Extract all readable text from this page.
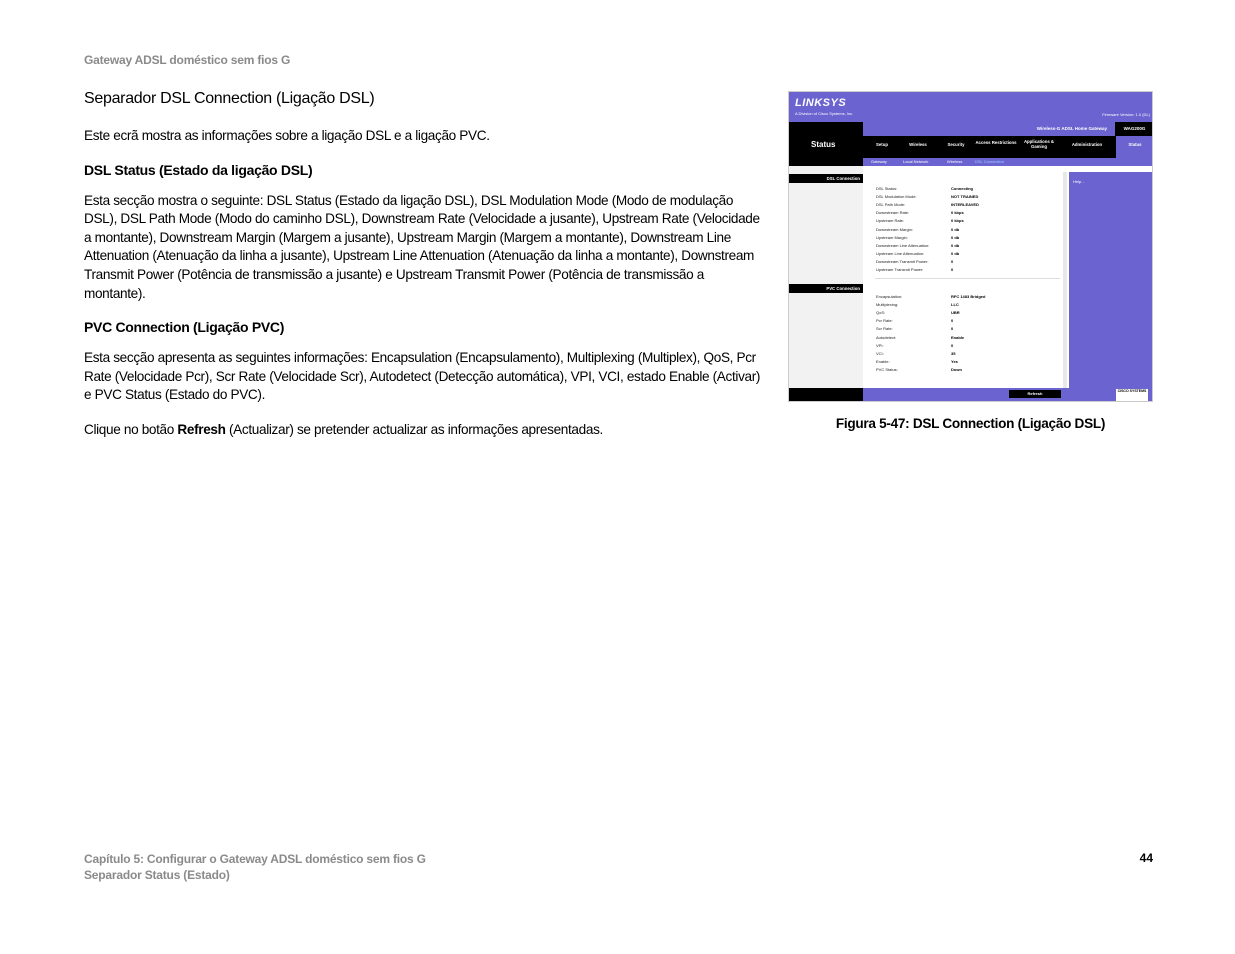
Gateway ADSL doméstico sem fios G
Separador DSL Connection (Ligação DSL)
Este ecrã mostra as informações sobre a ligação DSL e a ligação PVC.
DSL Status (Estado da ligação DSL)
Esta secção mostra o seguinte: DSL Status (Estado da ligação DSL), DSL Modulation Mode (Modo de modulação DSL), DSL Path Mode (Modo do caminho DSL), Downstream Rate (Velocidade a jusante), Upstream Rate (Velocidade a montante), Downstream Margin (Margem a jusante), Upstream Margin (Margem a montante), Downstream Line Attenuation (Atenuação da linha a jusante), Upstream Line Attenuation (Atenuação da linha a montante), Downstream Transmit Power (Potência de transmissão a jusante) e Upstream Transmit Power (Potência de transmissão a montante).
PVC Connection (Ligação PVC)
Esta secção apresenta as seguintes informações: Encapsulation (Encapsulamento), Multiplexing (Multiplex), QoS, Pcr Rate (Velocidade Pcr), Scr Rate (Velocidade Scr), Autodetect (Detecção automática), VPI, VCI, estado Enable (Activar) e PVC Status (Estado do PVC).
Clique no botão Refresh (Actualizar) se pretender actualizar as informações apresentadas.
LINKSYS
A Division of Cisco Systems, Inc.	Firmware Version: 1.0 (DL)
Status
Wireless-G ADSL Home Gateway	WAG200G
Setup	Wireless	Security	Access Restrictions	Applications & Gaming	Administration	Status
Gateway	Local Network	Wireless	DSL Connection
DSL Connection
PVC Connection
Help...
DSL Status:	Connecting
DSL Modulation Mode:	NOT TRAINED
DSL Path Mode:	INTERLEAVED
Downstream Rate:	0 kbps
Upstream Rate:	0 kbps
Downstream Margin:	0 db
Upstream Margin:	0 db
Downstream Line Attenuation:	0 db
Upstream Line Attenuation:	0 db
Downstream Transmit Power:	0
Upstream Transmit Power:	0
Encapsulation:	RFC 1483 Bridged
Multiplexing:	LLC
QoS:	UBR
Pcr Rate:	0
Scr Rate:	0
Autodetect:	Enable
VPI:	0
VCI:	35
Enable:	Yes
PVC Status:	Down
Refresh	CISCO SYSTEMS
Figura 5-47: DSL Connection (Ligação DSL)
Capítulo 5: Configurar o Gateway ADSL doméstico sem fios G
Separador Status (Estado)
44
